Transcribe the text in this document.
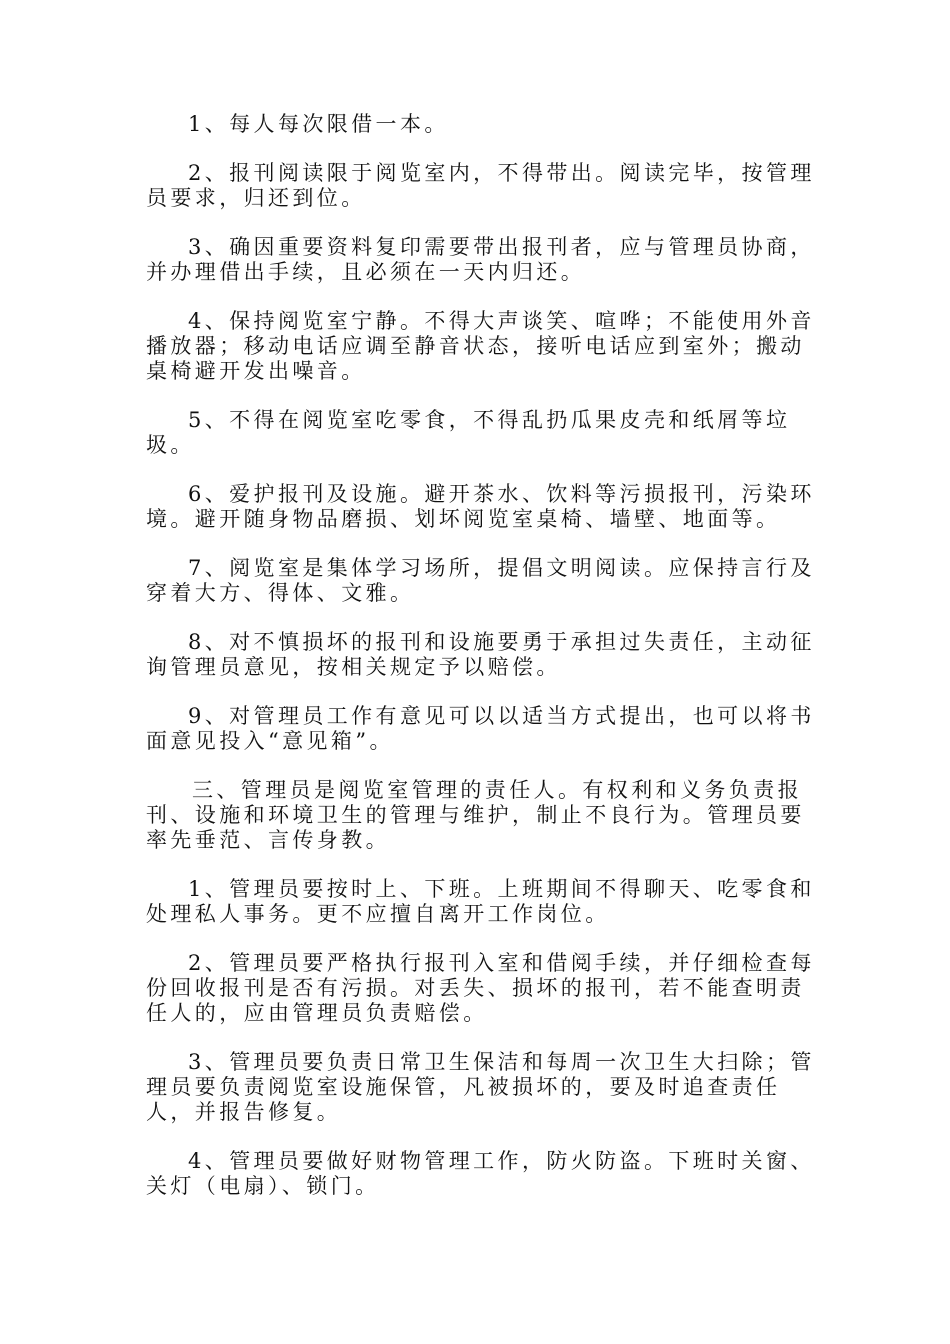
1、每人每次限借一本。

2、报刊阅读限于阅览室内，不得带出。阅读完毕，按管理员要求，归还到位。

3、确因重要资料复印需要带出报刊者，应与管理员协商，并办理借出手续，且必须在一天内归还。

4、保持阅览室宁静。不得大声谈笑、喧哗；不能使用外音播放器；移动电话应调至静音状态，接听电话应到室外；搬动桌椅避开发出噪音。

5、不得在阅览室吃零食，不得乱扔瓜果皮壳和纸屑等垃圾。

6、爱护报刊及设施。避开茶水、饮料等污损报刊，污染环境。避开随身物品磨损、划坏阅览室桌椅、墙壁、地面等。

7、阅览室是集体学习场所，提倡文明阅读。应保持言行及穿着大方、得体、文雅。

8、对不慎损坏的报刊和设施要勇于承担过失责任，主动征询管理员意见，按相关规定予以赔偿。

9、对管理员工作有意见可以以适当方式提出，也可以将书面意见投入“意见箱”。

三、管理员是阅览室管理的责任人。有权利和义务负责报刊、设施和环境卫生的管理与维护，制止不良行为。管理员要率先垂范、言传身教。

1、管理员要按时上、下班。上班期间不得聊天、吃零食和处理私人事务。更不应擅自离开工作岗位。

2、管理员要严格执行报刊入室和借阅手续，并仔细检查每份回收报刊是否有污损。对丢失、损坏的报刊，若不能查明责任人的，应由管理员负责赔偿。

3、管理员要负责日常卫生保洁和每周一次卫生大扫除；管理员要负责阅览室设施保管，凡被损坏的，要及时追查责任人，并报告修复。

4、管理员要做好财物管理工作，防火防盗。下班时关窗、关灯（电扇）、锁门。
